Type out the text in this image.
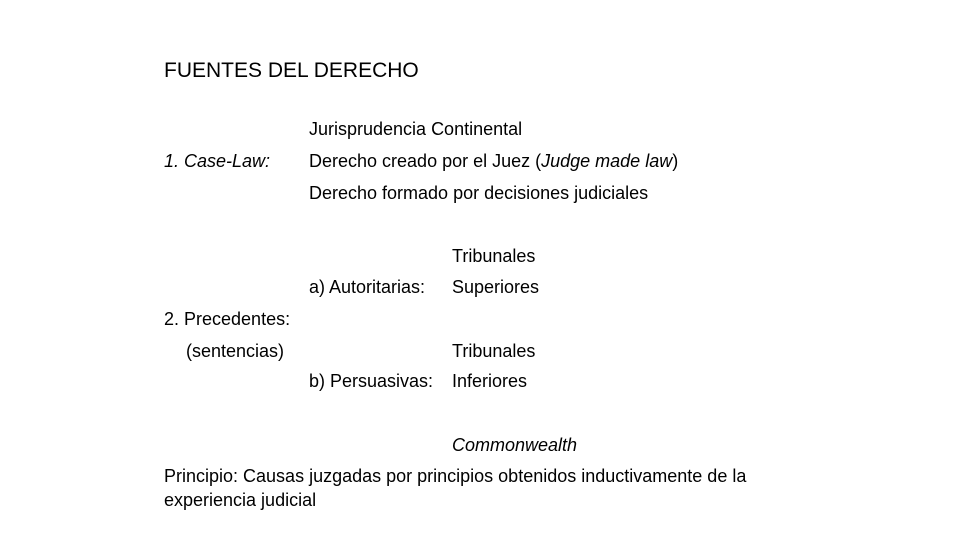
FUENTES DEL DERECHO
Jurisprudencia Continental
1. Case-Law: Derecho creado por el Juez (Judge made law)
Derecho formado por decisiones judiciales
Tribunales
a) Autoritarias: Superiores
2. Precedentes:
(sentencias)	Tribunales
b) Persuasivas: Inferiores
Commonwealth
Principio: Causas juzgadas por principios obtenidos inductivamente de la experiencia judicial
